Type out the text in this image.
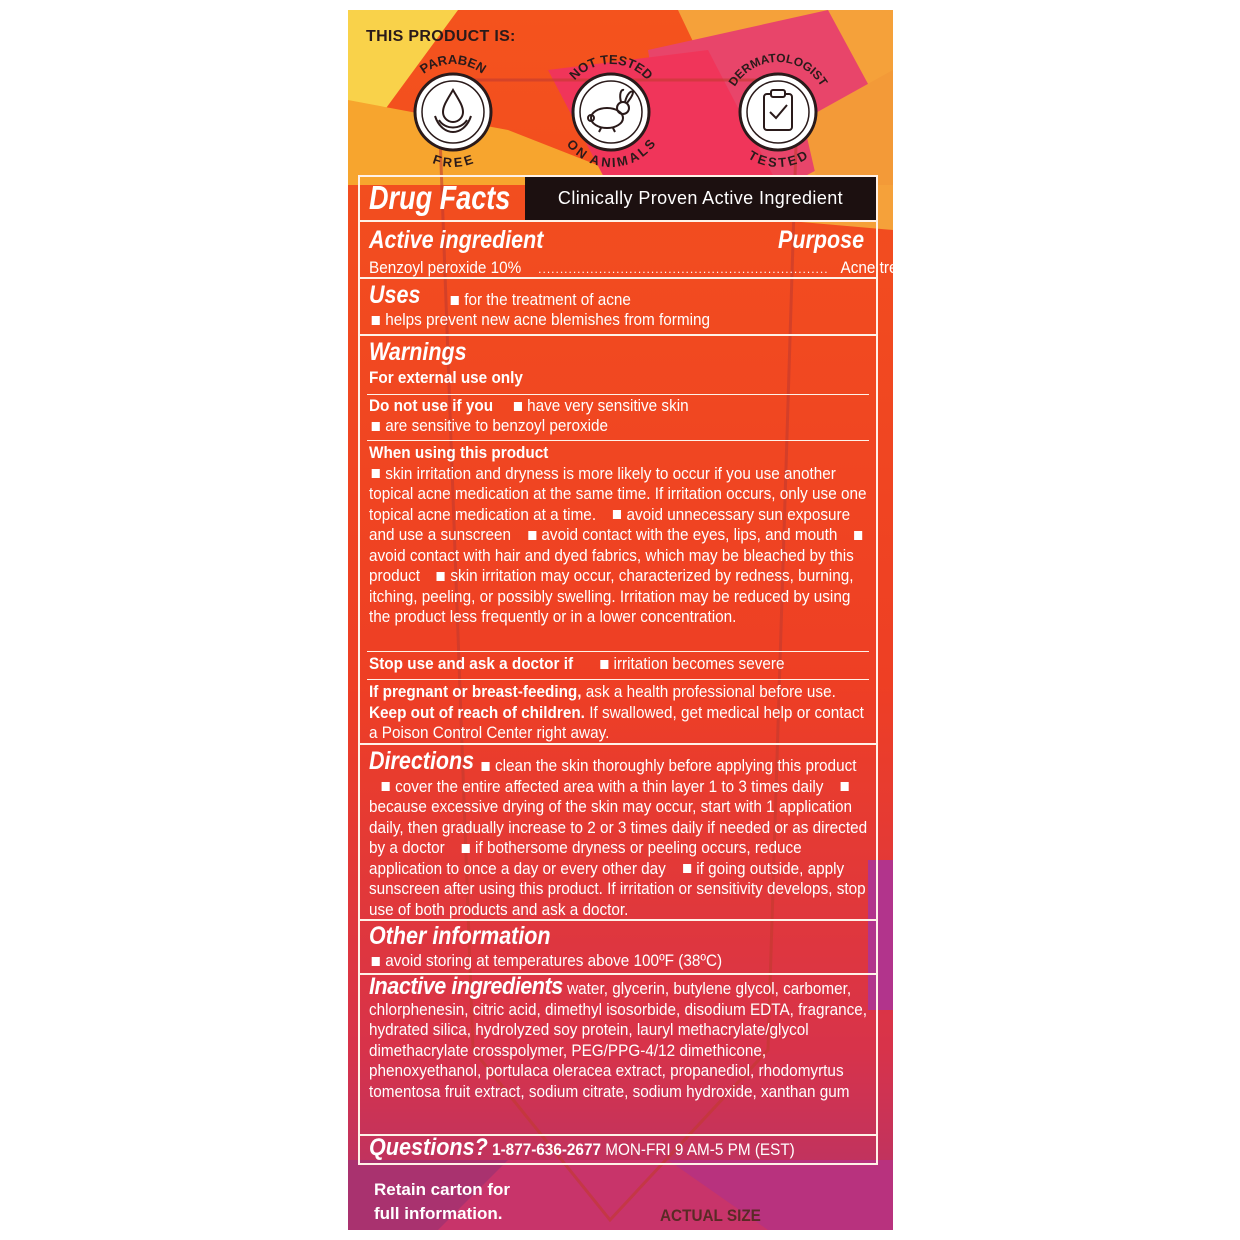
THIS PRODUCT IS:
PARABEN
FREE
NOT TESTED
ON ANIMALS
DERMATOLOGIST
TESTED
Drug Facts	Clinically Proven Active Ingredient
Active ingredient	Purpose
Benzoyl peroxide 10% ................................................................... Acne treatment
Uses	for the treatment of acne
helps prevent new acne blemishes from forming
Warnings
For external use only
Do not use if you have very sensitive skin
are sensitive to benzoyl peroxide
When using this product
skin irritation and dryness is more likely to occur if you use another topical acne medication at the same time. If irritation occurs, only use one topical acne medication at a time. avoid unnecessary sun exposure and use a sunscreen avoid contact with the eyes, lips, and mouth avoid contact with hair and dyed fabrics, which may be bleached by this product skin irritation may occur, characterized by redness, burning, itching, peeling, or possibly swelling. Irritation may be reduced by using the product less frequently or in a lower concentration.
Stop use and ask a doctor if irritation becomes severe
If pregnant or breast-feeding, ask a health professional before use.
Keep out of reach of children. If swallowed, get medical help or contact a Poison Control Center right away.
Directions	clean the skin thoroughly before applying this product cover the entire affected area with a thin layer 1 to 3 times daily because excessive drying of the skin may occur, start with 1 application daily, then gradually increase to 2 or 3 times daily if needed or as directed by a doctor if bothersome dryness or peeling occurs, reduce application to once a day or every other day if going outside, apply sunscreen after using this product. If irritation or sensitivity develops, stop use of both products and ask a doctor.
Other information
avoid storing at temperatures above 100ºF (38ºC)
Inactive ingredients water, glycerin, butylene glycol, carbomer, chlorphenesin, citric acid, dimethyl isosorbide, disodium EDTA, fragrance, hydrated silica, hydrolyzed soy protein, lauryl methacrylate/glycol dimethacrylate crosspolymer, PEG/PPG-4/12 dimethicone, phenoxyethanol, portulaca oleracea extract, propanediol, rhodomyrtus tomentosa fruit extract, sodium citrate, sodium hydroxide, xanthan gum
Questions? 1-877-636-2677 MON-FRI 9 AM-5 PM (EST)
Retain carton for
full information.	ACTUAL SIZE
